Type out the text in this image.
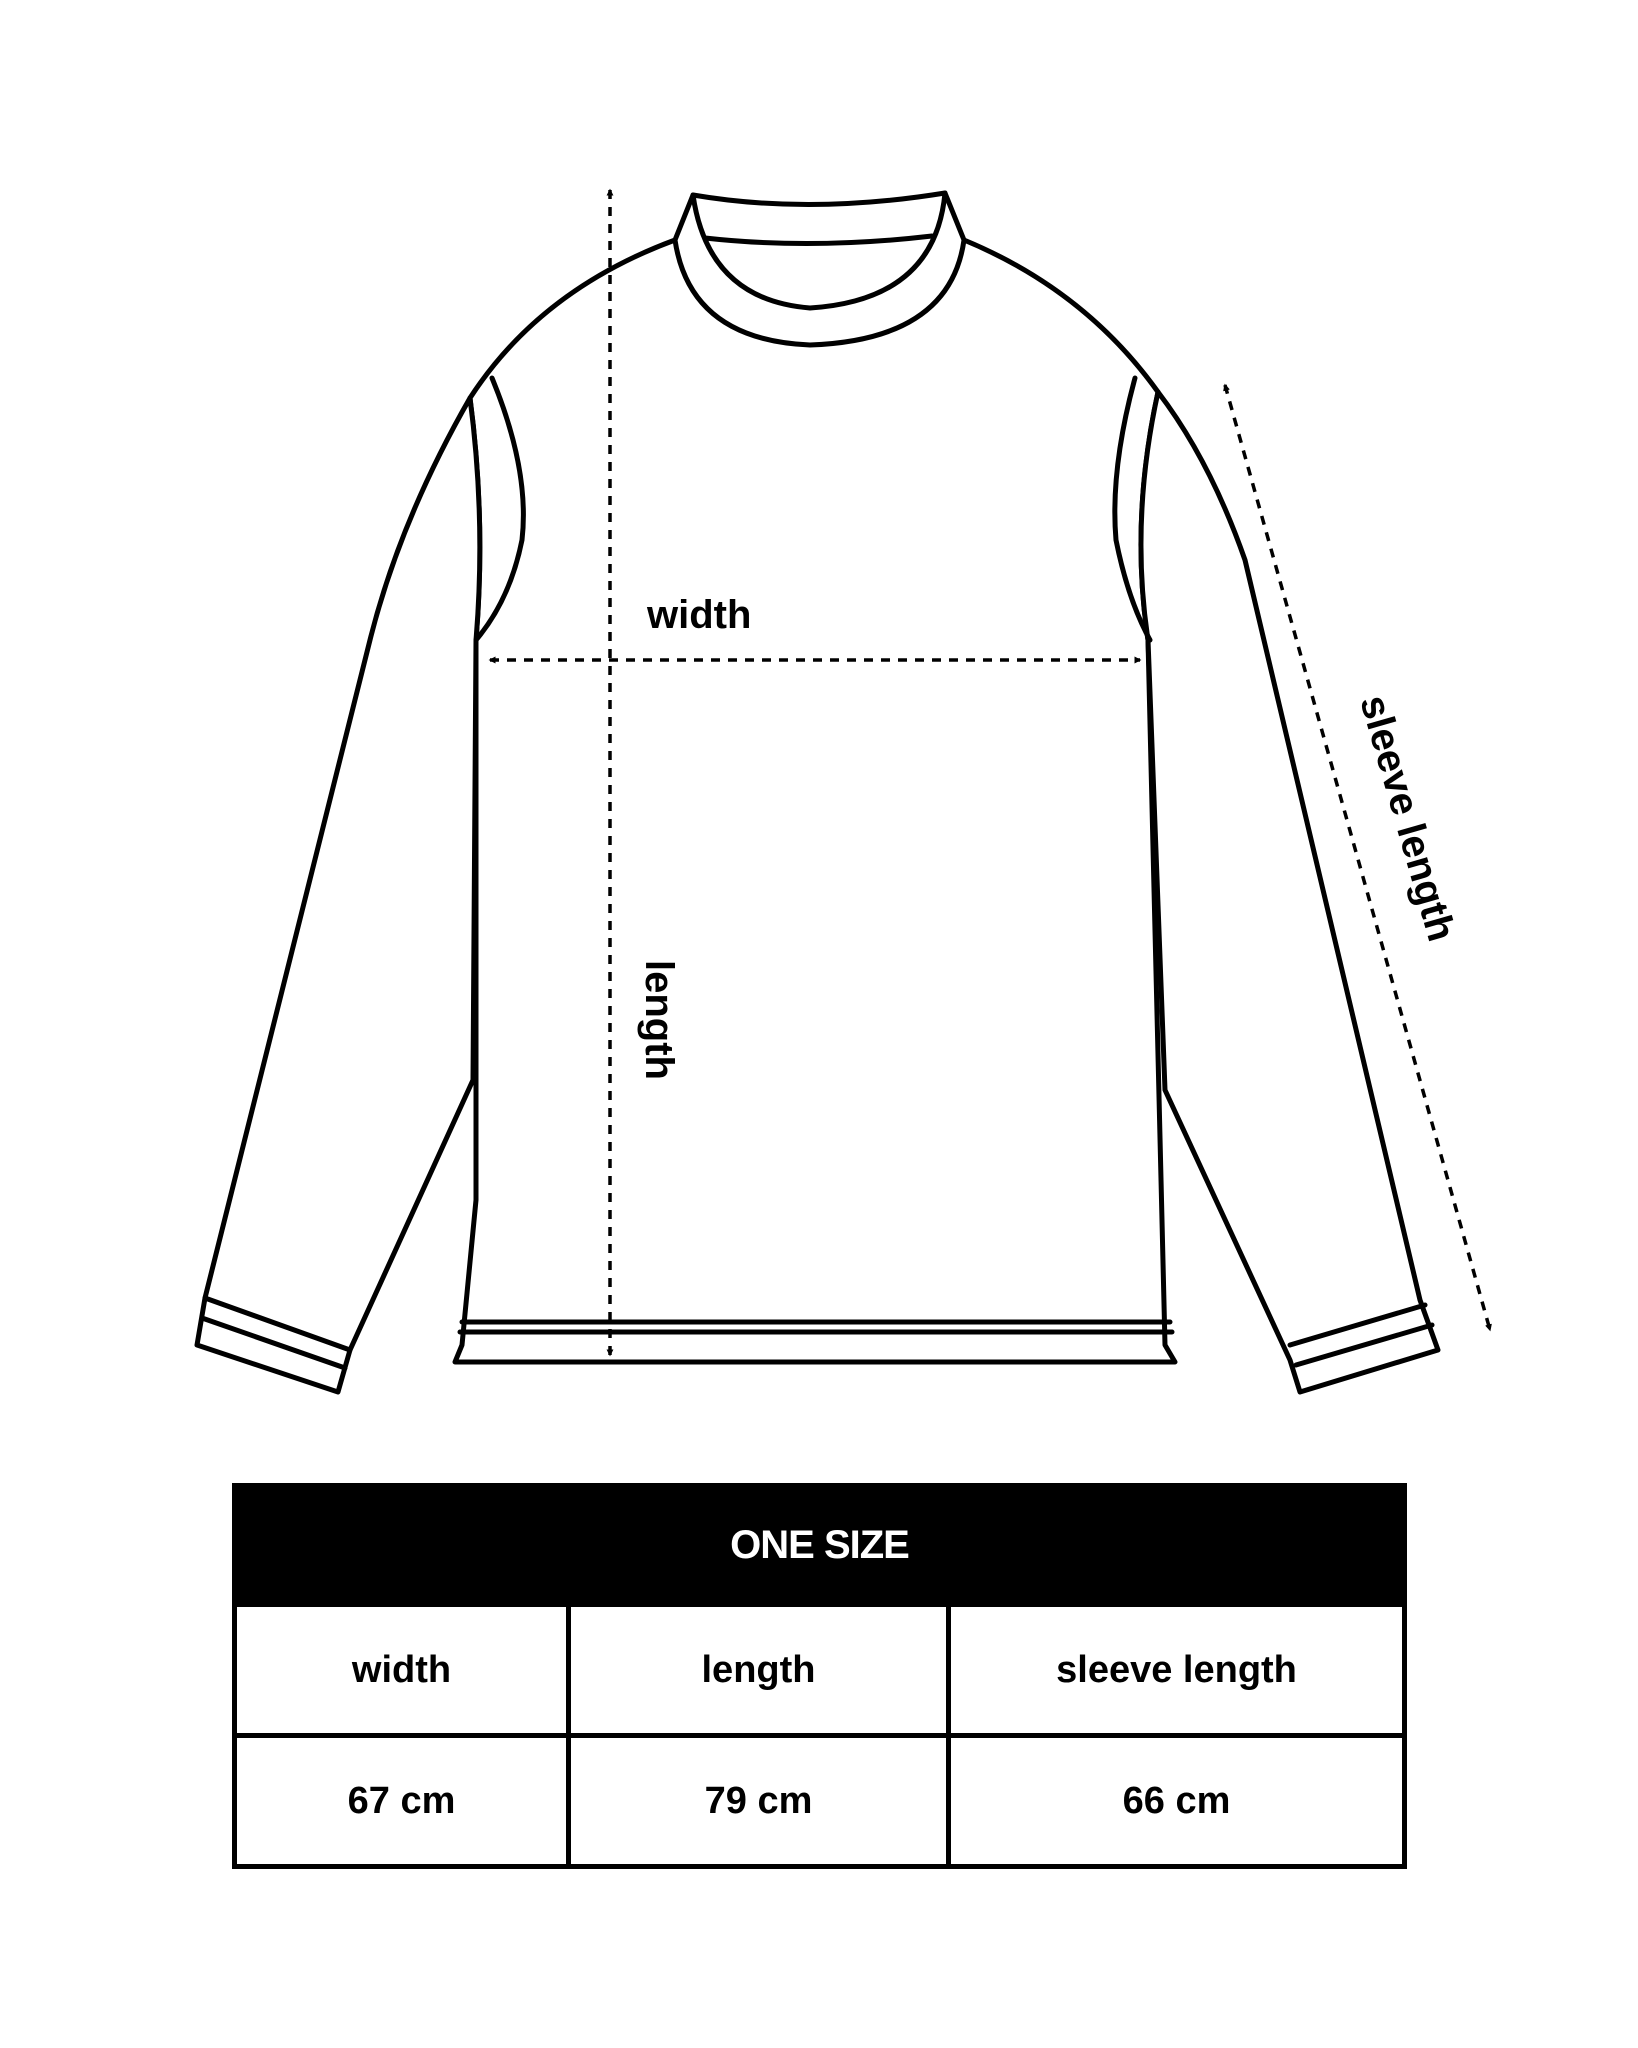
width
length
sleeve length
ONE SIZE		
width	length	sleeve length
67 cm	79 cm	66 cm
